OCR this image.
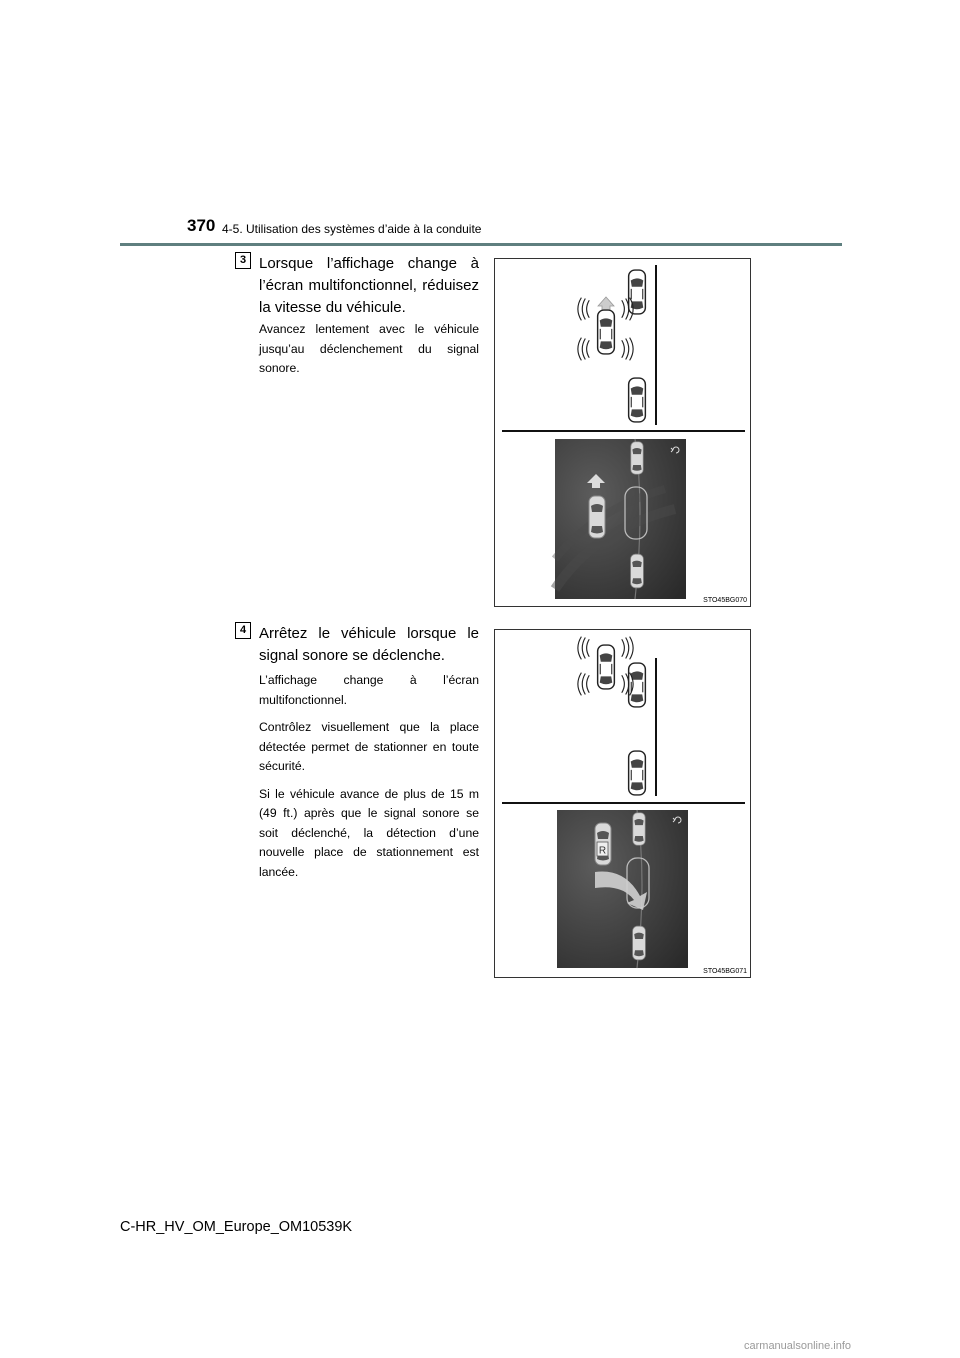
370 4-5. Utilisation des systèmes d’aide à la conduite
3 Lorsque l’affichage change à l’écran multifonctionnel, réduisez la vitesse du véhicule.

Avancez lentement avec le véhicule jusqu’au déclenchement du signal sonore.

STO45BG070
4 Arrêtez le véhicule lorsque le signal sonore se déclenche.

L’affichage change à l’écran multifonctionnel.

Contrôlez visuellement que la place détectée permet de stationner en toute sécurité.

Si le véhicule avance de plus de 15 m (49 ft.) après que le signal sonore se soit déclenché, la détection d’une nouvelle place de stationnement est lancée.

R
STO45BG071
C-HR_HV_OM_Europe_OM10539K
carmanualsonline.info
